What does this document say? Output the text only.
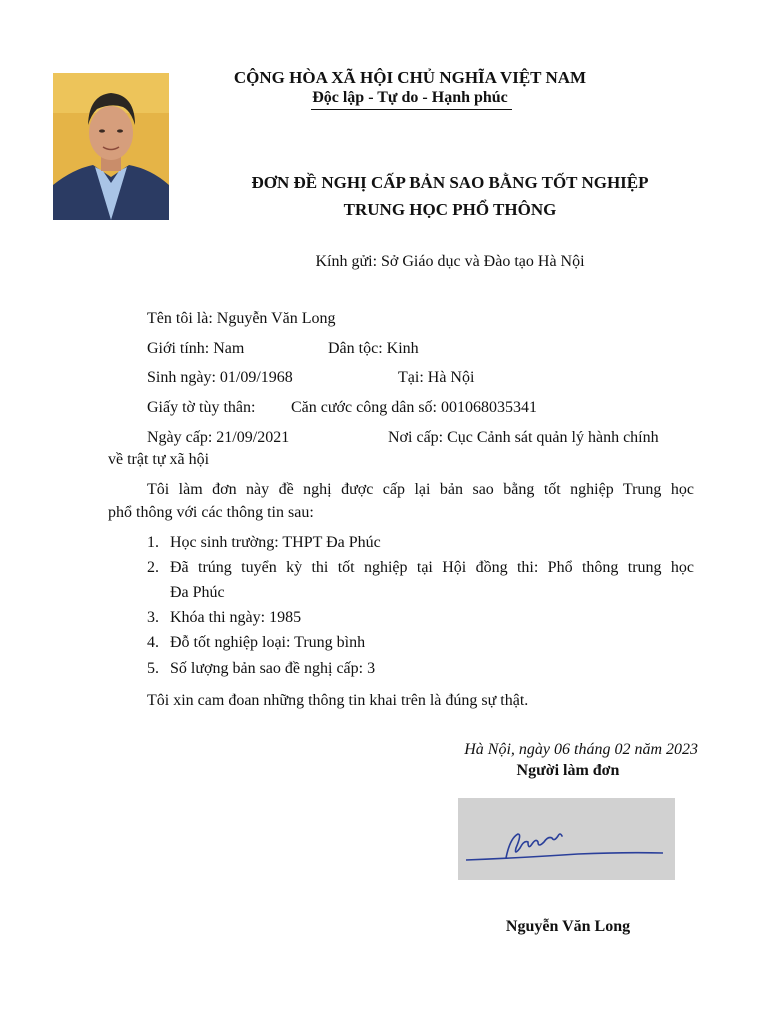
CỘNG HÒA XÃ HỘI CHỦ NGHĨA VIỆT NAM
Độc lập - Tự do - Hạnh phúc
ĐƠN ĐỀ NGHỊ CẤP BẢN SAO BẰNG TỐT NGHIỆP
TRUNG HỌC PHỔ THÔNG
Kính gửi: Sở Giáo dục và Đào tạo Hà Nội
Tên tôi là: Nguyễn Văn Long
Giới tính: Nam	Dân tộc: Kinh
Sinh ngày: 01/09/1968	Tại: Hà Nội
Giấy tờ tùy thân: Căn cước công dân số: 001068035341
Ngày cấp: 21/09/2021	Nơi cấp: Cục Cảnh sát quản lý hành chính
về trật tự xã hội
Tôi làm đơn này đề nghị được cấp lại bản sao bằng tốt nghiệp Trung học
phổ thông với các thông tin sau:
1. Học sinh trường: THPT Đa Phúc
2. Đã trúng tuyển kỳ thi tốt nghiệp tại Hội đồng thi: Phổ thông trung học
Đa Phúc
3. Khóa thi ngày: 1985
4. Đỗ tốt nghiệp loại: Trung bình
5. Số lượng bản sao đề nghị cấp: 3
Tôi xin cam đoan những thông tin khai trên là đúng sự thật.
Hà Nội, ngày 06 tháng 02 năm 2023
Người làm đơn
Nguyễn Văn Long
